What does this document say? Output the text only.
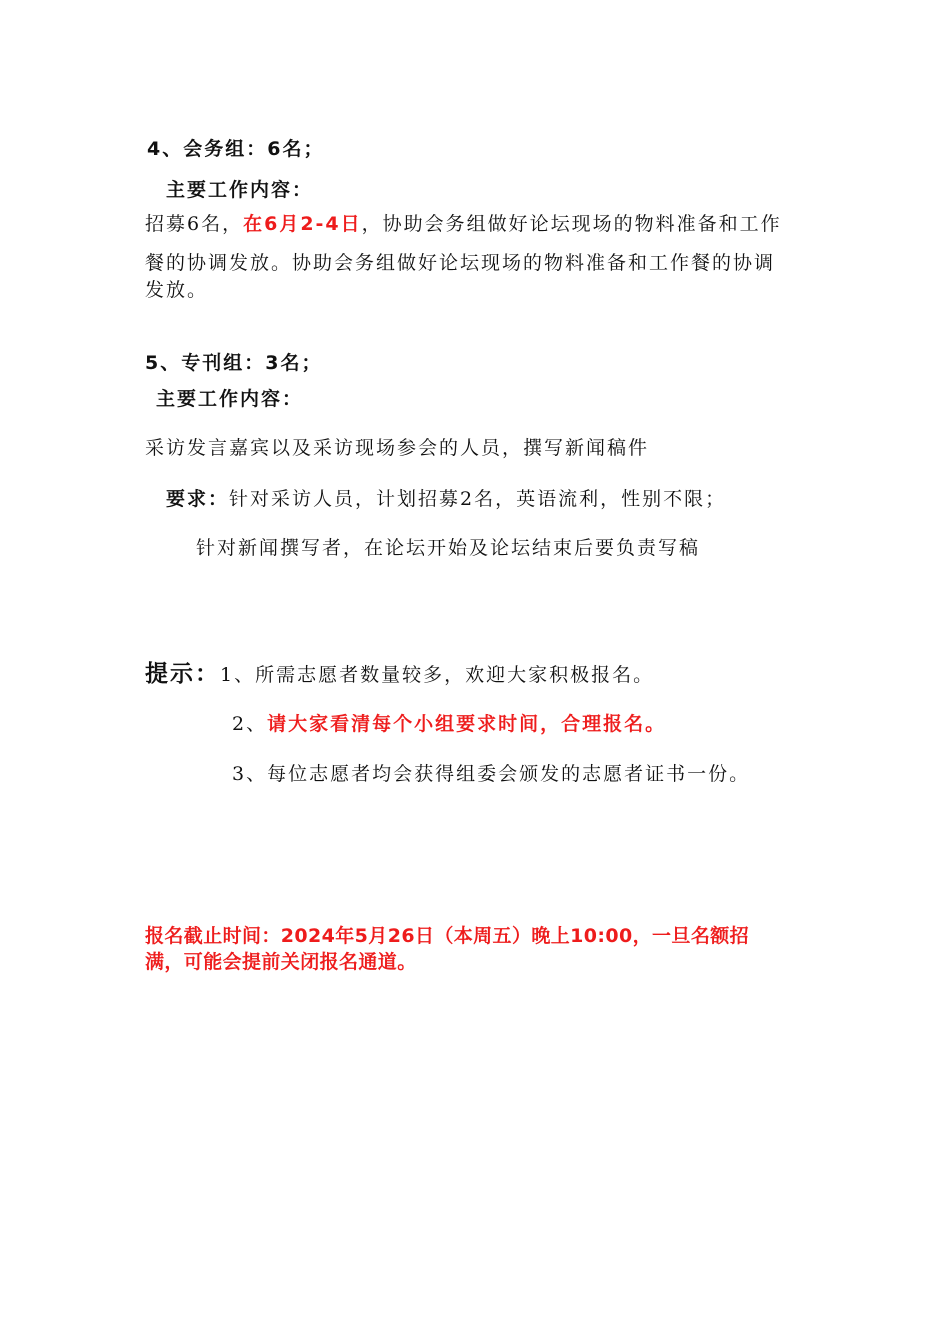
4、会务组：6名；
主要工作内容：
招募6名，在6月2-4日，协助会务组做好论坛现场的物料准备和工作
餐的协调发放。协助会务组做好论坛现场的物料准备和工作餐的协调
发放。
5、专刊组：3名；
主要工作内容：
采访发言嘉宾以及采访现场参会的人员，撰写新闻稿件
要求：针对采访人员，计划招募2名，英语流利，性别不限；
针对新闻撰写者，在论坛开始及论坛结束后要负责写稿
提示：1、所需志愿者数量较多，欢迎大家积极报名。
2、请大家看清每个小组要求时间，合理报名。
3、每位志愿者均会获得组委会颁发的志愿者证书一份。
报名截止时间：2024年5月26日（本周五）晚上10:00，一旦名额招
满，可能会提前关闭报名通道。
